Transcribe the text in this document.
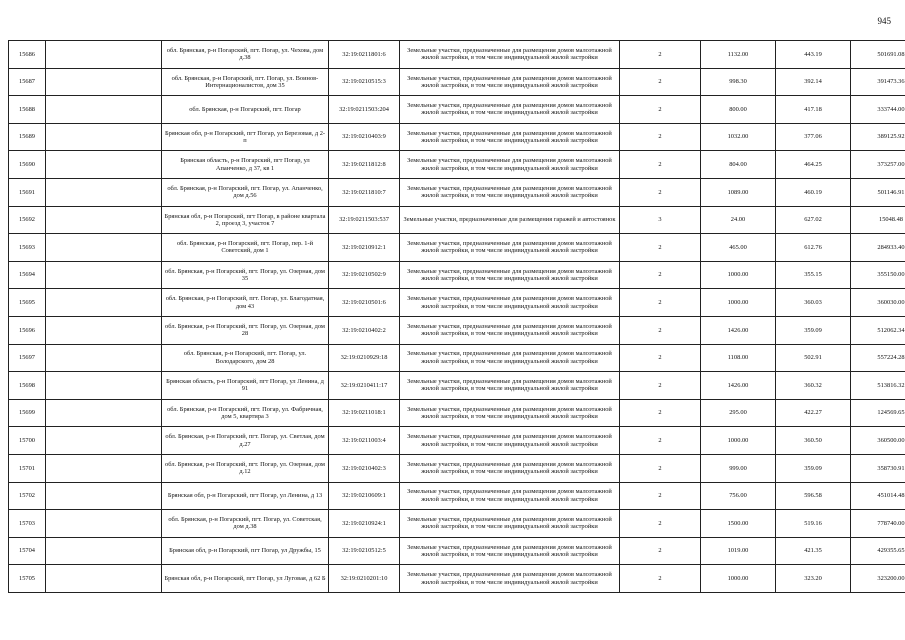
945
15686		обл. Брянская, р-н Погарский, пгт. Погар, ул. Чехова, дом д.38	32:19:0211801:6	Земельные участки, предназначенные для размещения домов малоэтажной жилой застройки, в том числе индивидуальной жилой застройки	2	1132.00	443.19	501691.08
15687		обл. Брянская, р-н Погарский, пгт. Погар, ул. Воинов-Интернационалистов, дом 35	32:19:0210515:3	Земельные участки, предназначенные для размещения домов малоэтажной жилой застройки, в том числе индивидуальной жилой застройки	2	998.30	392.14	391473.36
15688		обл. Брянская, р-н Погарский, пгт. Погар	32:19:0211503:204	Земельные участки, предназначенные для размещения домов малоэтажной жилой застройки, в том числе индивидуальной жилой застройки	2	800.00	417.18	333744.00
15689		Брянская обл, р-н Погарский, пгт Погар, ул Березовая, д 2-п	32:19:0210403:9	Земельные участки, предназначенные для размещения домов малоэтажной жилой застройки, в том числе индивидуальной жилой застройки	2	1032.00	377.06	389125.92
15690		Брянская область, р-н Погарский, пгт Погар, ул Апанченко, д 37, кв 1	32:19:0211812:8	Земельные участки, предназначенные для размещения домов малоэтажной жилой застройки, в том числе индивидуальной жилой застройки	2	804.00	464.25	373257.00
15691		обл. Брянская, р-н Погарский, пгт. Погар, ул. Апанченко, дом д.56	32:19:0211810:7	Земельные участки, предназначенные для размещения домов малоэтажной жилой застройки, в том числе индивидуальной жилой застройки	2	1089.00	460.19	501146.91
15692		Брянская обл, р-н Погарский, пгт Погар, в районе квартала 2, проезд 3, участок 7	32:19:0211503:537	Земельные участки, предназначенные для размещения гаражей и автостоянок	3	24.00	627.02	15048.48
15693		обл. Брянская, р-н Погарский, пгт. Погар, пер. 1-й Советский, дом 1	32:19:0210912:1	Земельные участки, предназначенные для размещения домов малоэтажной жилой застройки, в том числе индивидуальной жилой застройки	2	465.00	612.76	284933.40
15694		обл. Брянская, р-н Погарский, пгт. Погар, ул. Озерная, дом 35	32:19:0210502:9	Земельные участки, предназначенные для размещения домов малоэтажной жилой застройки, в том числе индивидуальной жилой застройки	2	1000.00	355.15	355150.00
15695		обл. Брянская, р-н Погарский, пгт. Погар, ул. Благодатная, дом 43	32:19:0210501:6	Земельные участки, предназначенные для размещения домов малоэтажной жилой застройки, в том числе индивидуальной жилой застройки	2	1000.00	360.03	360030.00
15696		обл. Брянская, р-н Погарский, пгт. Погар, ул. Озерная, дом 28	32:19:0210402:2	Земельные участки, предназначенные для размещения домов малоэтажной жилой застройки, в том числе индивидуальной жилой застройки	2	1426.00	359.09	512062.34
15697		обл. Брянская, р-н Погарский, пгт. Погар, ул. Володарского, дом 28	32:19:0210929:18	Земельные участки, предназначенные для размещения домов малоэтажной жилой застройки, в том числе индивидуальной жилой застройки	2	1108.00	502.91	557224.28
15698		Брянская область, р-н Погарский, пгт Погар, ул Ленина, д 91	32:19:0210411:17	Земельные участки, предназначенные для размещения домов малоэтажной жилой застройки, в том числе индивидуальной жилой застройки	2	1426.00	360.32	513816.32
15699		обл. Брянская, р-н Погарский, пгт. Погар, ул. Фабричная, дом 5, квартира 3	32:19:0211018:1	Земельные участки, предназначенные для размещения домов малоэтажной жилой застройки, в том числе индивидуальной жилой застройки	2	295.00	422.27	124569.65
15700		обл. Брянская, р-н Погарский, пгт. Погар, ул. Светлая, дом д.27	32:19:0211003:4	Земельные участки, предназначенные для размещения домов малоэтажной жилой застройки, в том числе индивидуальной жилой застройки	2	1000.00	360.50	360500.00
15701		обл. Брянская, р-н Погарский, пгт. Погар, ул. Озерная, дом д.12	32:19:0210402:3	Земельные участки, предназначенные для размещения домов малоэтажной жилой застройки, в том числе индивидуальной жилой застройки	2	999.00	359.09	358730.91
15702		Брянская обл, р-н Погарский, пгт Погар, ул Ленина, д 13	32:19:0210609:1	Земельные участки, предназначенные для размещения домов малоэтажной жилой застройки, в том числе индивидуальной жилой застройки	2	756.00	596.58	451014.48
15703		обл. Брянская, р-н Погарский, пгт. Погар, ул. Советская, дом д.38	32:19:0210924:1	Земельные участки, предназначенные для размещения домов малоэтажной жилой застройки, в том числе индивидуальной жилой застройки	2	1500.00	519.16	778740.00
15704		Брянская обл, р-н Погарский, пгт Погар, ул Дружбы, 15	32:19:0210512:5	Земельные участки, предназначенные для размещения домов малоэтажной жилой застройки, в том числе индивидуальной жилой застройки	2	1019.00	421.35	429355.65
15705		Брянская обл, р-н Погарский, пгт Погар, ул Луговая, д 62 Б	32:19:0210201:10	Земельные участки, предназначенные для размещения домов малоэтажной жилой застройки, в том числе индивидуальной жилой застройки	2	1000.00	323.20	323200.00
